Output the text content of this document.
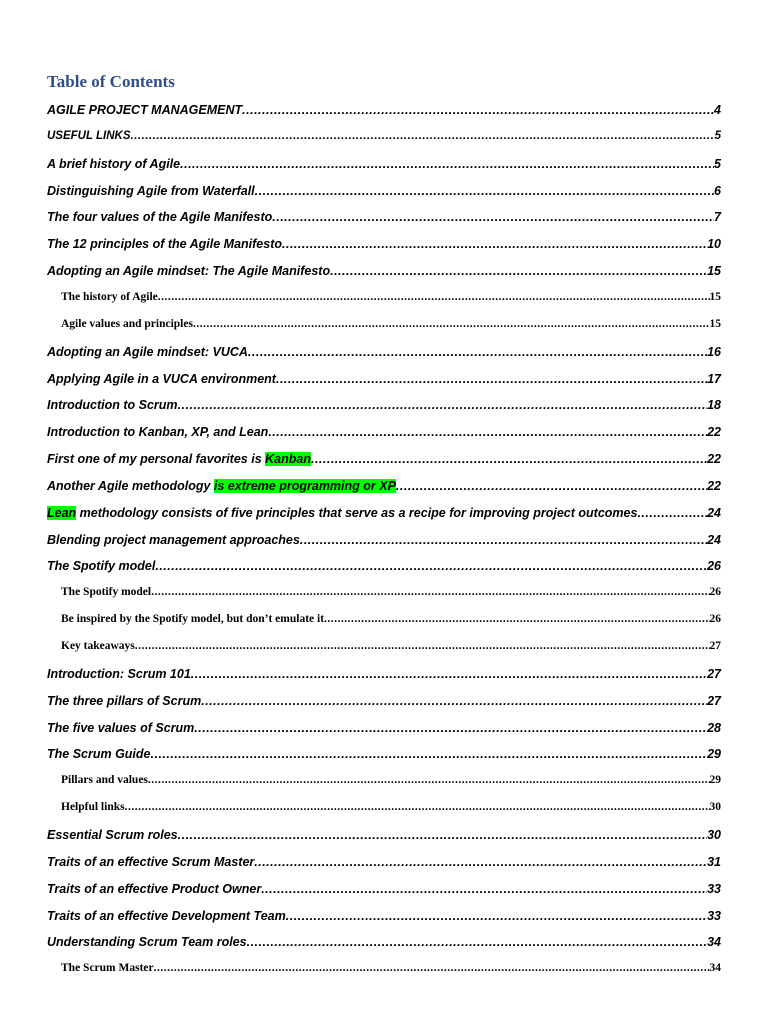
Table of Contents
AGILE PROJECT MANAGEMENT .....	4
USEFUL LINKS .....	5
A brief history of Agile .....	5
Distinguishing Agile from Waterfall .....	6
The four values of the Agile Manifesto .....	7
The 12 principles of the Agile Manifesto .....	10
Adopting an Agile mindset: The Agile Manifesto .....	15
The history of Agile .....	15
Agile values and principles .....	15
Adopting an Agile mindset: VUCA .....	16
Applying Agile in a VUCA environment .....	17
Introduction to Scrum .....	18
Introduction to Kanban, XP, and Lean .....	22
First one of my personal favorites is Kanban .....	22
Another Agile methodology is extreme programming or XP .....	22
Lean methodology consists of five principles that serve as a recipe for improving project outcomes .....	24
Blending project management approaches .....	24
The Spotify model .....	26
The Spotify model .....	26
Be inspired by the Spotify model, but don’t emulate it .....	26
Key takeaways .....	27
Introduction: Scrum 101 .....	27
The three pillars of Scrum .....	27
The five values of Scrum .....	28
The Scrum Guide .....	29
Pillars and values .....	29
Helpful links .....	30
Essential Scrum roles .....	30
Traits of an effective Scrum Master .....	31
Traits of an effective Product Owner .....	33
Traits of an effective Development Team .....	33
Understanding Scrum Team roles .....	34
The Scrum Master .....	34
